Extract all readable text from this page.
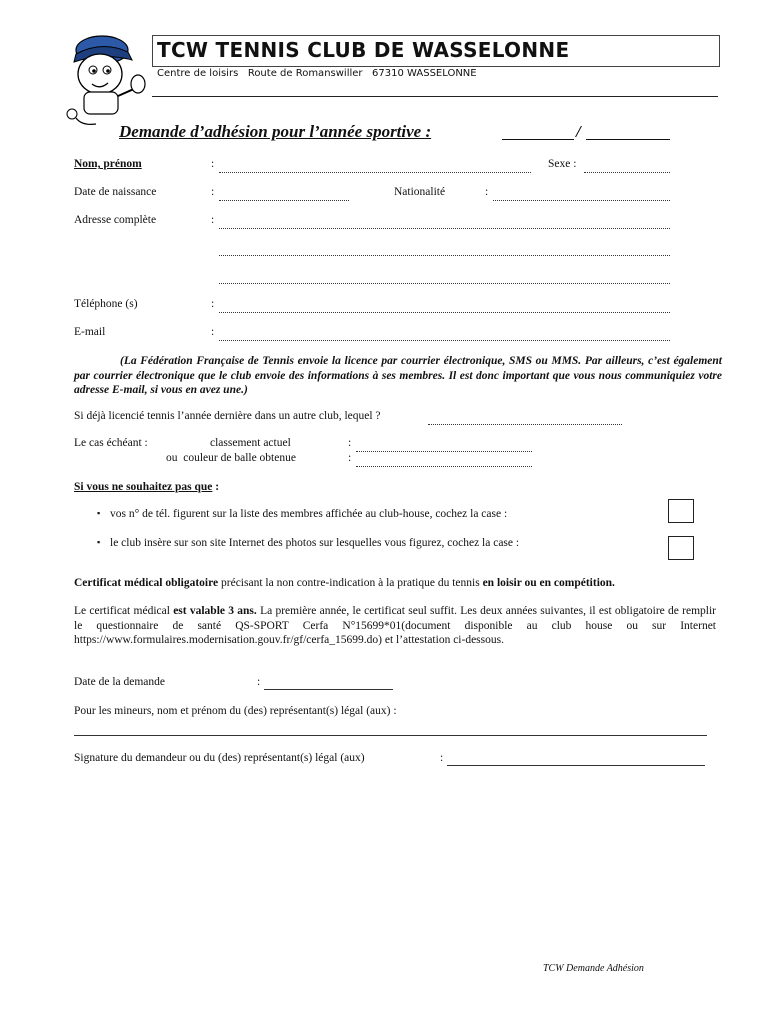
TCW TENNIS CLUB DE WASSELONNE
Centre de loisirs   Route de Romanswiller   67310 WASSELONNE
Demande d’adhésion pour l’année sportive :	/
Nom, prénom	:	Sexe :
Date de naissance	:	Nationalité	:
Adresse complète	:
Téléphone (s)	:
E-mail	:
(La Fédération Française de Tennis envoie la licence par courrier électronique, SMS ou MMS. Par ailleurs, c’est également par courrier électronique que le club envoie des informations à ses membres. Il est donc important que vous nous communiquiez votre adresse E-mail, si vous en avez une.)
Si déjà licencié tennis l’année dernière dans un autre club, lequel ?
Le cas échéant :	classement actuel	:
ou  couleur de balle obtenue	:
Si vous ne souhaitez pas que :
▪ vos n° de tél. figurent sur la liste des membres affichée au club-house, cochez la case :
▪ le club insère sur son site Internet des photos sur lesquelles vous figurez, cochez la case :
Certificat médical obligatoire précisant la non contre-indication à la pratique du tennis en loisir ou en compétition.
Le certificat médical est valable 3 ans. La première année, le certificat seul suffit. Les deux années suivantes, il est obligatoire de remplir le questionnaire de santé QS-SPORT Cerfa N°15699*01(document disponible au club house ou sur Internet https://www.formulaires.modernisation.gouv.fr/gf/cerfa_15699.do) et l’attestation ci-dessous.
Date de la demande	:
Pour les mineurs, nom et prénom du (des) représentant(s) légal (aux) :
Signature du demandeur ou du (des) représentant(s) légal (aux)	:
TCW Demande Adhésion
